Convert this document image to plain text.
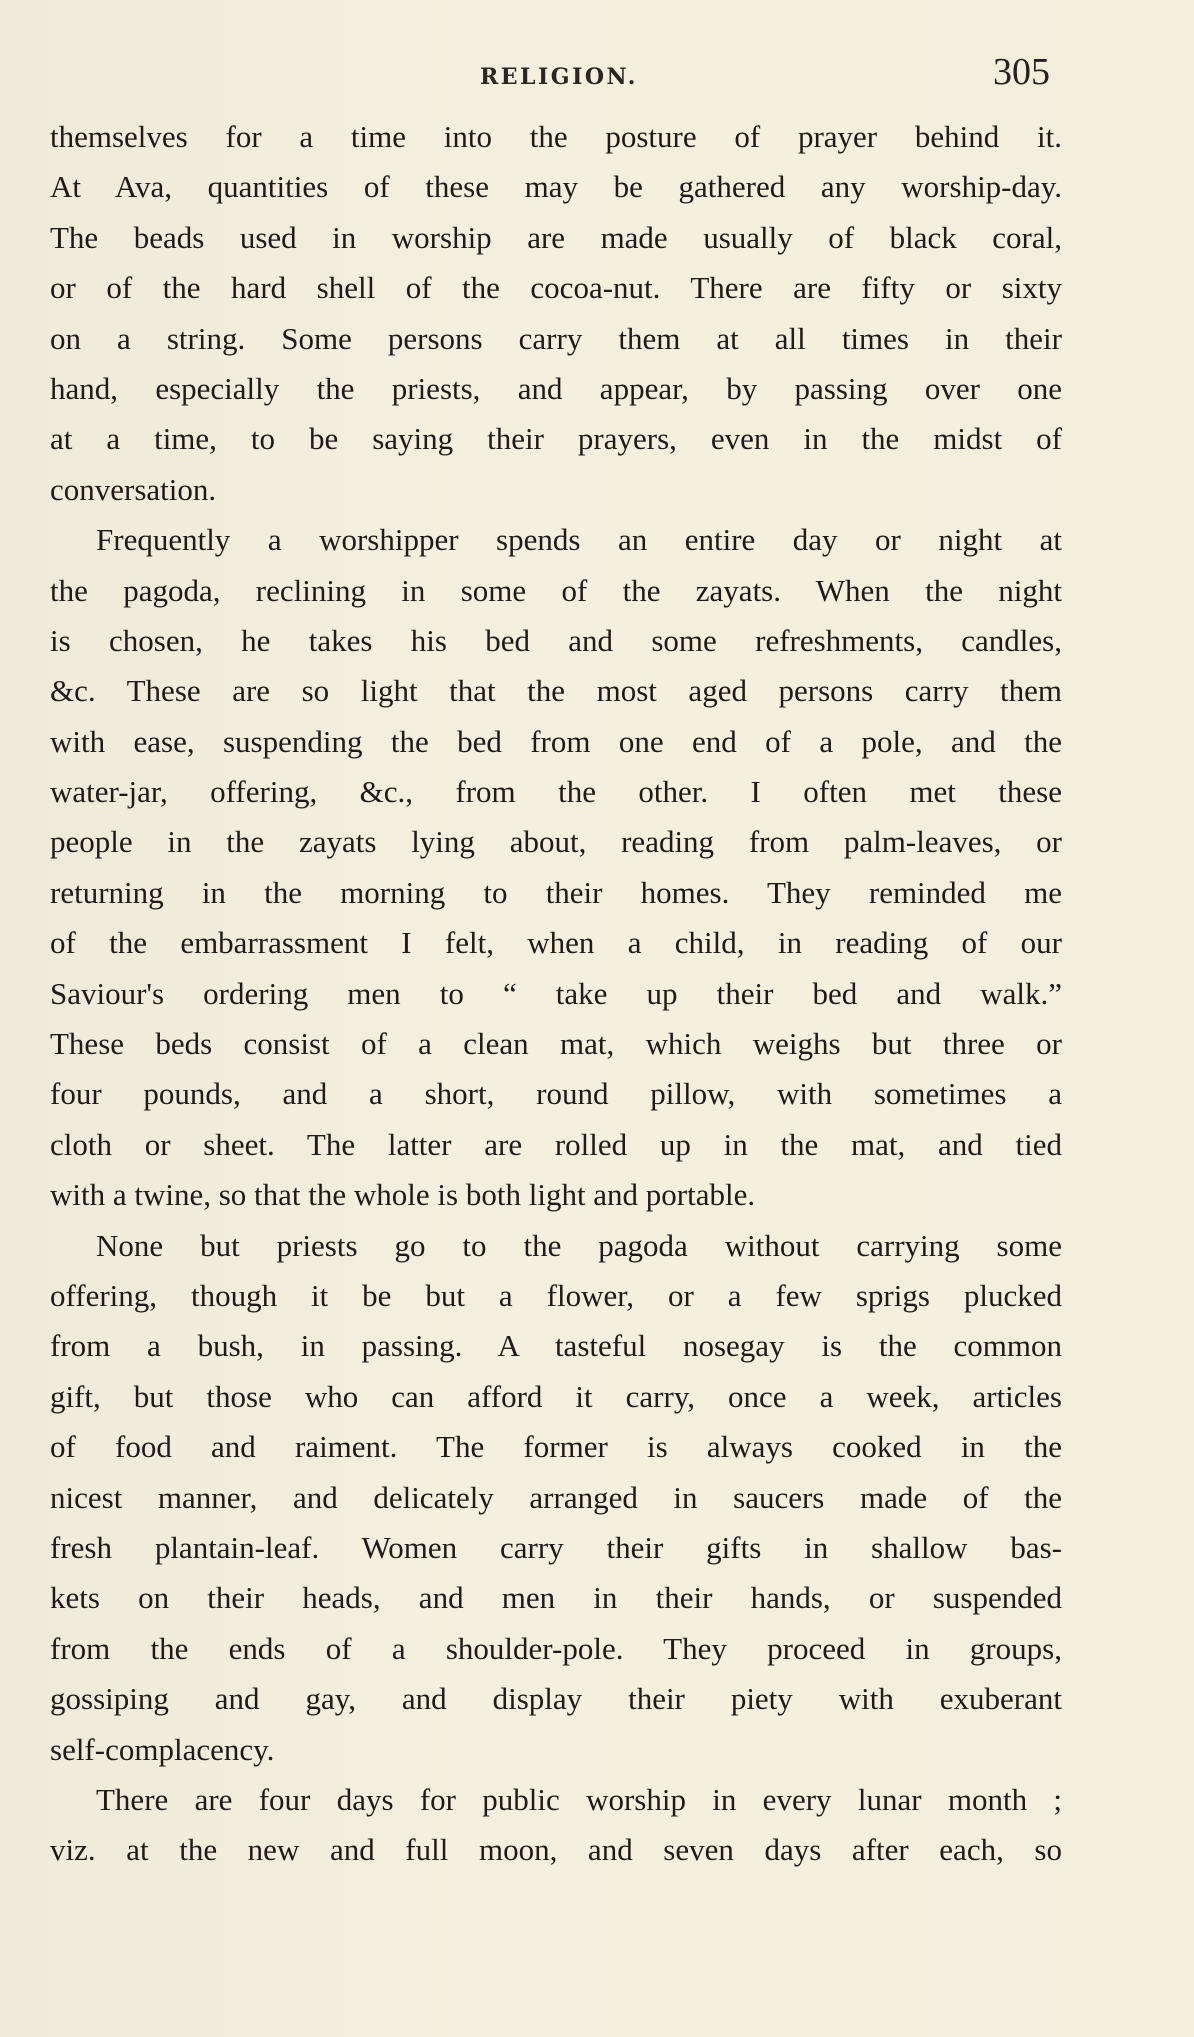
RELIGION.	305
themselves for a time into the posture of prayer behind it.
At Ava, quantities of these may be gathered any worship-day.
The beads used in worship are made usually of black coral,
or of the hard shell of the cocoa-nut. There are fifty or sixty
on a string. Some persons carry them at all times in their
hand, especially the priests, and appear, by passing over one
at a time, to be saying their prayers, even in the midst of
conversation.
Frequently a worshipper spends an entire day or night at
the pagoda, reclining in some of the zayats. When the night
is chosen, he takes his bed and some refreshments, candles,
&c. These are so light that the most aged persons carry them
with ease, suspending the bed from one end of a pole, and the
water-jar, offering, &c., from the other. I often met these
people in the zayats lying about, reading from palm-leaves, or
returning in the morning to their homes. They reminded me
of the embarrassment I felt, when a child, in reading of our
Saviour's ordering men to “ take up their bed and walk.”
These beds consist of a clean mat, which weighs but three or
four pounds, and a short, round pillow, with sometimes a
cloth or sheet. The latter are rolled up in the mat, and tied
with a twine, so that the whole is both light and portable.
None but priests go to the pagoda without carrying some
offering, though it be but a flower, or a few sprigs plucked
from a bush, in passing. A tasteful nosegay is the common
gift, but those who can afford it carry, once a week, articles
of food and raiment. The former is always cooked in the
nicest manner, and delicately arranged in saucers made of the
fresh plantain-leaf. Women carry their gifts in shallow bas-
kets on their heads, and men in their hands, or suspended
from the ends of a shoulder-pole. They proceed in groups,
gossiping and gay, and display their piety with exuberant
self-complacency.
There are four days for public worship in every lunar month ;
viz. at the new and full moon, and seven days after each, so
